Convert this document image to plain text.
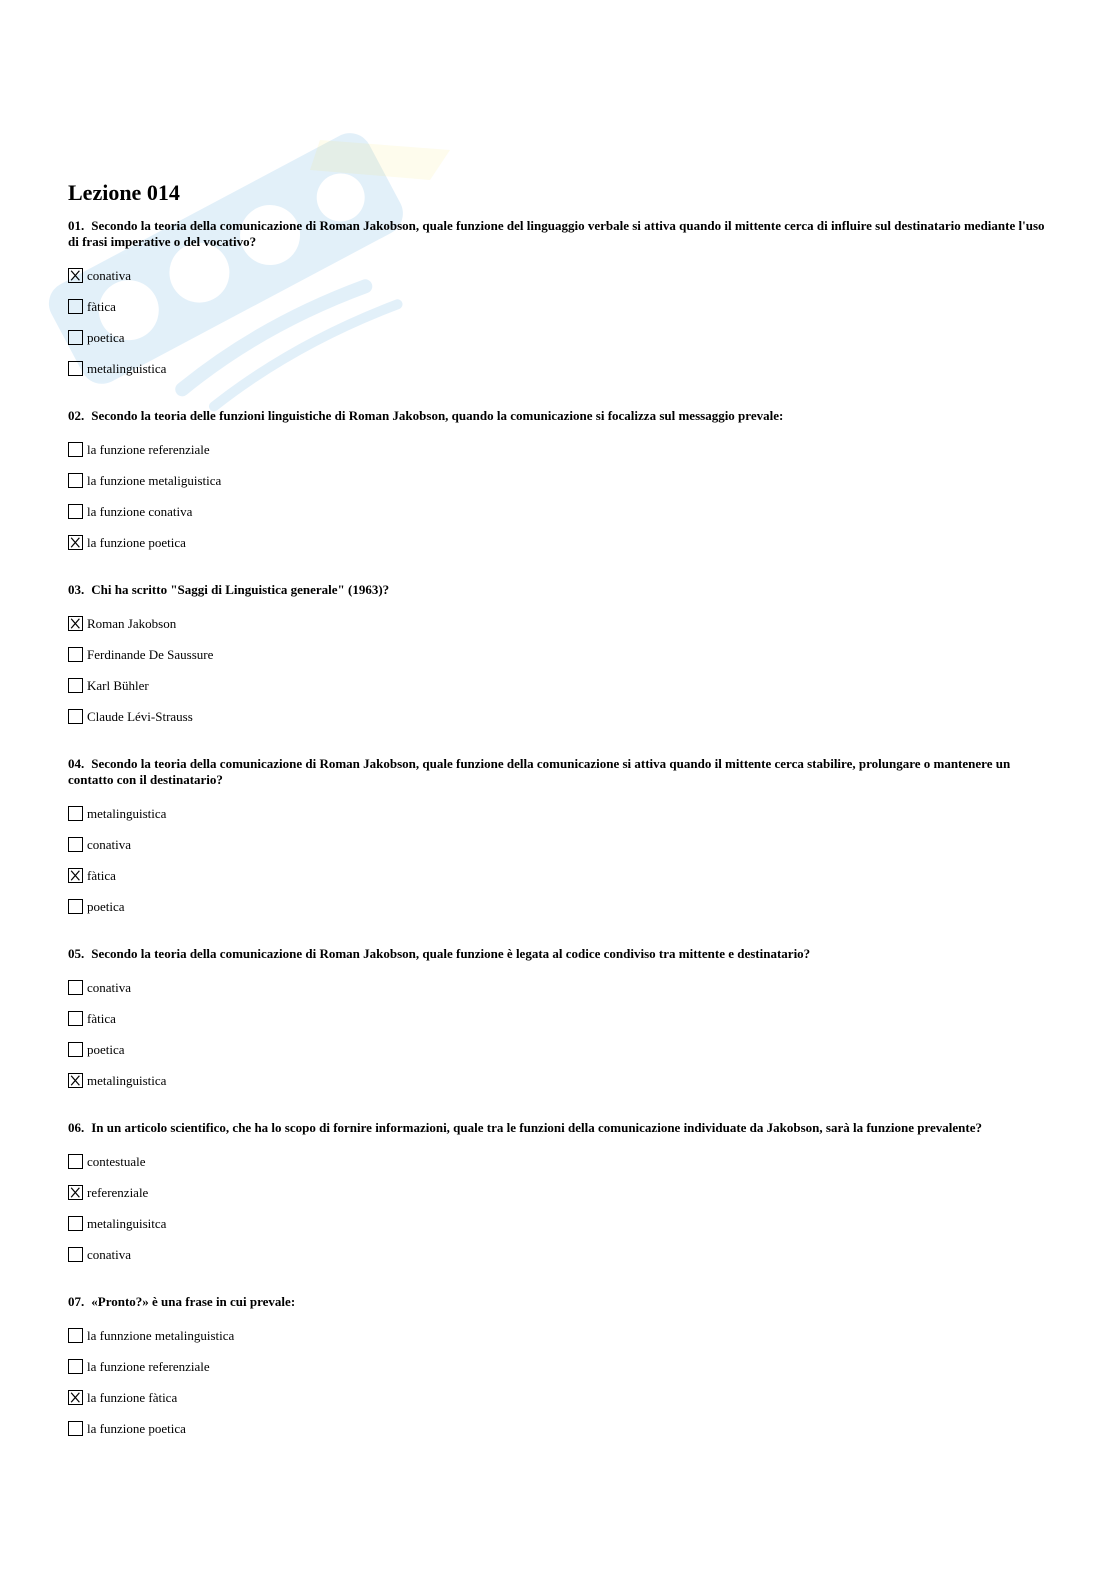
Lezione 014

01. Secondo la teoria della comunicazione di Roman Jakobson, quale funzione del linguaggio verbale si attiva quando il mittente cerca di influire sul destinatario mediante l'uso di frasi imperative o del vocativo?

conativa
fàtica
poetica
metalinguistica

02. Secondo la teoria delle funzioni linguistiche di Roman Jakobson, quando la comunicazione si focalizza sul messaggio prevale:

la funzione referenziale
la funzione metaliguistica
la funzione conativa
la funzione poetica

03. Chi ha scritto "Saggi di Linguistica generale" (1963)?

Roman Jakobson
Ferdinande De Saussure
Karl Bühler
Claude Lévi-Strauss

04. Secondo la teoria della comunicazione di Roman Jakobson, quale funzione della comunicazione si attiva quando il mittente cerca stabilire, prolungare o mantenere un contatto con il destinatario?

metalinguistica
conativa
fàtica
poetica

05. Secondo la teoria della comunicazione di Roman Jakobson, quale funzione è legata al codice condiviso tra mittente e destinatario?

conativa
fàtica
poetica
metalinguistica

06. In un articolo scientifico, che ha lo scopo di fornire informazioni, quale tra le funzioni della comunicazione individuate da Jakobson, sarà la funzione prevalente?

contestuale
referenziale
metalinguisitca
conativa

07. «Pronto?» è una frase in cui prevale:

la funnzione metalinguistica
la funzione referenziale
la funzione fàtica
la funzione poetica
